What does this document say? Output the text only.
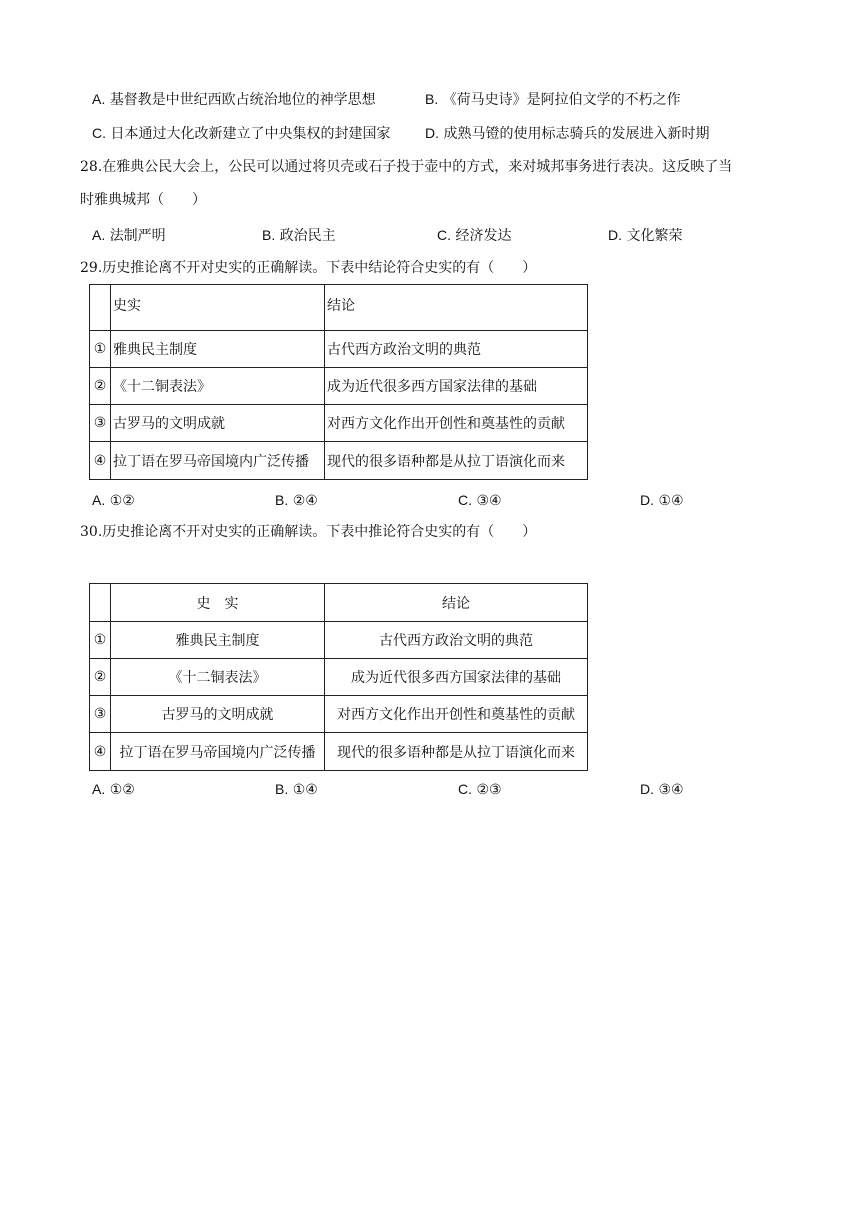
A. 基督教是中世纪西欧占统治地位的神学思想	B. 《荷马史诗》是阿拉伯文学的不朽之作
C. 日本通过大化改新建立了中央集权的封建国家 D. 成熟马镫的使用标志骑兵的发展进入新时期
28.在雅典公民大会上，公民可以通过将贝壳或石子投于壶中的方式，来对城邦事务进行表决。这反映了当
时雅典城邦（　　）
A. 法制严明	B. 政治民主	C. 经济发达	D. 文化繁荣
29.历史推论离不开对史实的正确解读。下表中结论符合史实的有（　　）
	史实	结论
①	雅典民主制度	古代西方政治文明的典范
②	《十二铜表法》	成为近代很多西方国家法律的基础
③	古罗马的文明成就	对西方文化作出开创性和奠基性的贡献
④	拉丁语在罗马帝国境内广泛传播	现代的很多语种都是从拉丁语演化而来
A. ①②	B. ②④	C. ③④	D. ①④
30.历史推论离不开对史实的正确解读。下表中推论符合史实的有（　　）
	史　实	结论
①	雅典民主制度	古代西方政治文明的典范
②	《十二铜表法》	成为近代很多西方国家法律的基础
③	古罗马的文明成就	对西方文化作出开创性和奠基性的贡献
④	拉丁语在罗马帝国境内广泛传播	现代的很多语种都是从拉丁语演化而来
A. ①②	B. ①④	C. ②③	D. ③④
